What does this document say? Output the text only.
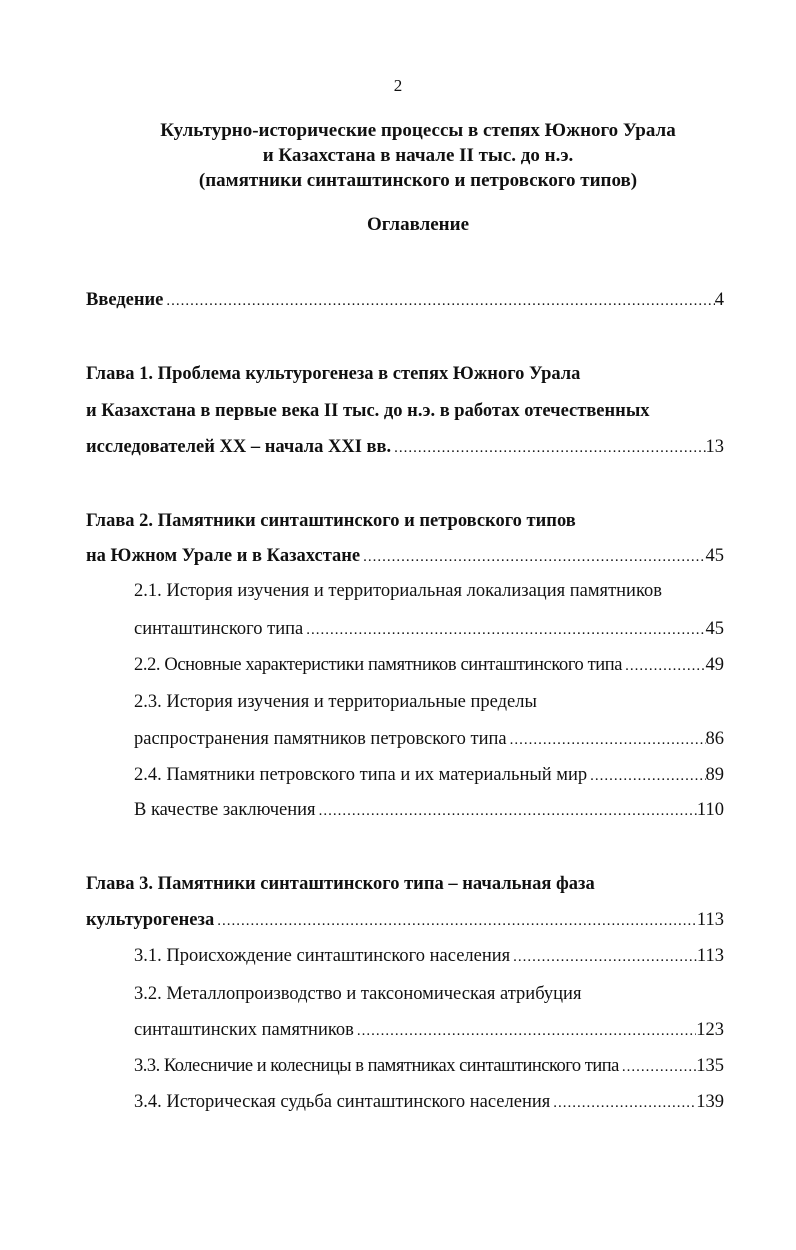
2
Культурно-исторические процессы в степях Южного Урала
и Казахстана в начале II тыс. до н.э.
(памятники синташтинского и петровского типов)
Оглавление
Введение .....	4
Глава 1. Проблема культурогенеза в степях Южного Урала
и Казахстана в первые века II тыс. до н.э. в работах отечественных
исследователей XX – начала XXI вв. .....	13
Глава 2. Памятники синташтинского и петровского типов
на Южном Урале и в Казахстане .....	45
2.1. История изучения и территориальная локализация памятников
синташтинского типа .....	45
2.2. Основные характеристики памятников синташтинского типа .....	49
2.3. История изучения и территориальные пределы
распространения памятников петровского типа .....	86
2.4. Памятники петровского типа и их материальный мир .....	89
В качестве заключения .....	110
Глава 3. Памятники синташтинского типа – начальная фаза
культурогенеза .....	113
3.1. Происхождение синташтинского населения .....	113
3.2. Металлопроизводство и таксономическая атрибуция
синташтинских памятников .....	123
3.3. Колесничие и колесницы в памятниках синташтинского типа .....	135
3.4. Историческая судьба синташтинского населения .....	139
